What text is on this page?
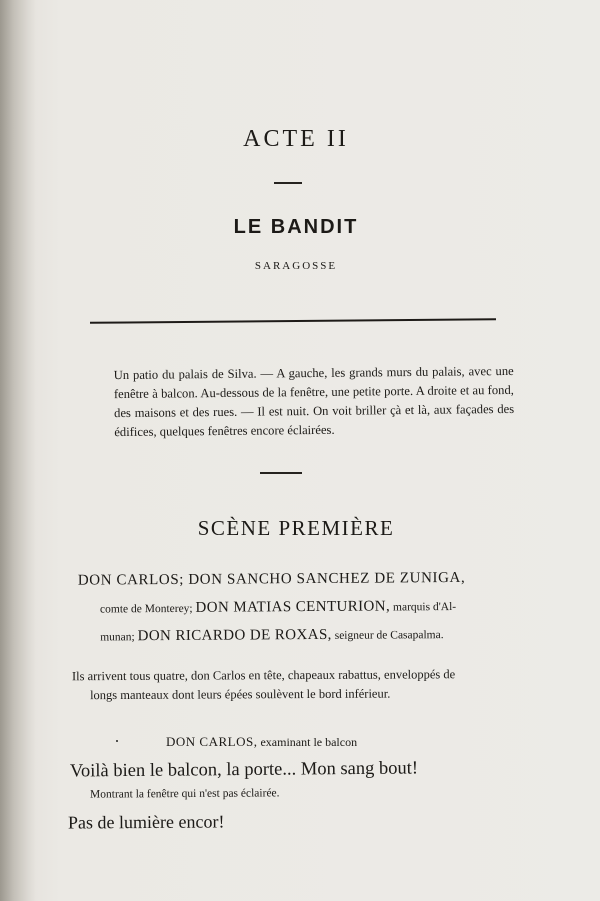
ACTE II
LE BANDIT
SARAGOSSE
Un patio du palais de Silva. — A gauche, les grands murs du palais, avec une fenêtre à balcon. Au-dessous de la fenêtre, une petite porte. A droite et au fond, des maisons et des rues. — Il est nuit. On voit briller çà et là, aux façades des édifices, quelques fenêtres encore éclairées.
SCÈNE PREMIÈRE
DON CARLOS; DON SANCHO SANCHEZ DE ZUNIGA,
comte de Monterey; DON MATIAS CENTURION, marquis d'Al-
munan; DON RICARDO DE ROXAS, seigneur de Casapalma.
Ils arrivent tous quatre, don Carlos en tête, chapeaux rabattus, enveloppés de
longs manteaux dont leurs épées soulèvent le bord inférieur.
DON CARLOS, examinant le balcon
Voilà bien le balcon, la porte... Mon sang bout!
Montrant la fenêtre qui n'est pas éclairée.
Pas de lumière encor!
